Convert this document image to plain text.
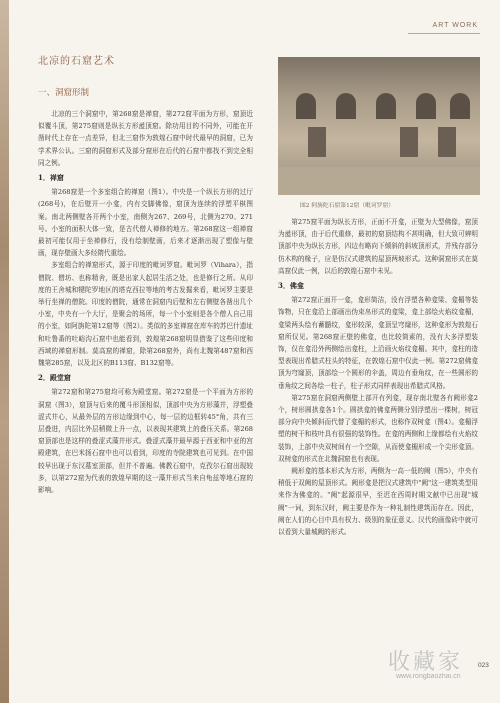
ART WORK
北凉的石窟艺术
一、洞窟形制

北凉的三个洞窟中，第268窟是禅窟，第272窟平面为方形，窟顶近似覆斗顶，第275窟则是纵长方形盝顶窟。除功用目的不同外，可能在开凿时代上存在一点差异，但北三窟作为敦煌石窟中时代最早的洞窟，已为学术界公认。三窟的洞窟形式及部分窟形在后代的石窟中都找不到完全相同之例。

1．禅窟

第268窟是一个多室组合的禅窟（图1）。中央是一个纵长方形的过厅(268号)，在后壁开一小龛，内有交脚佛像，窟顶为连续的浮塑平棋图案。南北两侧壁各开两个小室，南侧为267、269号，北侧为270、271号。小室的面积大体一致，是古代僧人禅修的地方。第268窟这一组禅窟最初可能仅用于坐禅修行，没有绘制壁画，后来才逐渐出现了塑像与壁画，现存壁画大多经隋代重绘。

多室组合的禅窟形式，源于印度的毗诃罗窟。毗诃罗（Vihara），指僧院、僧坊、也称精舍，既是出家人起居生活之处，也是修行之所。从印度的王舍城和犍陀罗地区的塔克西拉等地的考古发掘来看，毗诃罗主要是举行坐禅的僧院。印度的僧院，通常在洞窟内后壁和左右侧壁各凿出几个小室，中央有一个大厅，是聚会的场所，每一个小室则是各个僧人自己用的小室，如阿旃陀第12窟等（图2）。类似的多室禅窟在库车的苏巴什遗址和吐鲁番的吐峪沟石窟中也能看到，敦煌第268窟明显借鉴了这些印度和西域的禅窟形制。莫高窟的禅窟，除第268窟外，尚有北魏第487窟和西魏第285窟，以及北区的B113窟、B132窟等。

2．殿堂窟

第272窟和第275窟均可称为殿堂窟。第272窟是一个平面为方形的洞窟（图3），窟顶与后来的覆斗形顶相似，顶部中央为方形藻井，浮塑叠涩式井心，从最外层的方形边缘到中心，每一层的边框转45°角，共有三层叠进，内层比外层稍微上升一点，以表现其建筑上的叠压关系。第268窟顶部也是这样的叠涩式藻井形式。叠涩式藻井最早源于西亚和中亚的宫殿建筑，在巴米扬石窟中也可以看到，印度的寺院建筑也可见到。在中国较早出现于东汉墓室顶部，但并不普遍。佛教石窟中，克孜尔石窟出现较多，以第272窟为代表的敦煌早期的这一藻井形式当来自龟兹等地石窟的影响。

图2 阿旃陀石窟第12窟（毗诃罗窟）

第275窟平面为纵长方形，正面不开龛，正壁为大型佛像，窟顶为盝形顶，由于后代重修，最初的窟顶结构不甚明确，但大致可辨明顶部中央为纵长方形，四边有略向下倾斜的斜坡顶形式，并残存部分仿木构的椽子，应是仿汉式建筑的屋顶两坡形式。这种洞窟形式在莫高窟仅此一例，以后的敦煌石窟中未见。

3．佛龛

第272窟正面开一龛，龛形简洁，没有浮塑各种龛梁、龛楣等装饰物，只在龛沿上部画出伪束帛形式的龛梁，龛上部绘火焰纹龛楣，龛梁两头绘有蓄髓纹，龛形较深，龛顶呈穹窿形，这种龛形为敦煌石窟所仅见。第268窟正壁的佛龛，也比较简素的，没有大多浮塑装饰，仅在龛沿外两侧绘出龛柱，上沿画火焰纹龛楣。其中，龛柱的造型表现出希腊式柱头的特征，在敦煌石窟中仅此一例。第272窟佛龛顶为穹窿顶，顶部绘一个圆形的伞盖，周边有垂角纹，在一些圆形的垂角纹之间各绘一柱子，柱子形式同样表现出希腊式风格。

第275窟在洞窟两侧壁上部开有列龛，现存南北壁各有阙形龛2个，树形圆拱龛各1个。圆拱龛的佛龛两侧分别浮塑出一棵树，树冠部分向中央倾斜而代替了龛楣的形式，也称作双树龛（图4）。龛楣浮塑的树干和枝叶具有很强的装饰性。在龛的两侧和上缘都绘有火焰纹装饰，上部中央双树间有一个空隙，从而使龛楣形成一个尖形龛顶。双树龛的形式在北魏洞窟也有表现。

阙形龛的基本形式为方形，两侧为一高一低的阙（图5），中央有稍低于双阙的屋顶形式。阙形龛是把汉式建筑中"阙"这一建筑类型用来作为佛龛的。"阙"起源很早，至迟在西周时期文献中已出现"城阙"一词，到东汉时，阙主要是作为一种礼制性建筑而存在。因此，阙在人们的心目中具有权力、级别的象征意义。汉代的画像砖中就可以看到大量城阙的形式。

收藏家
www.rongbaozhai.cn
023
